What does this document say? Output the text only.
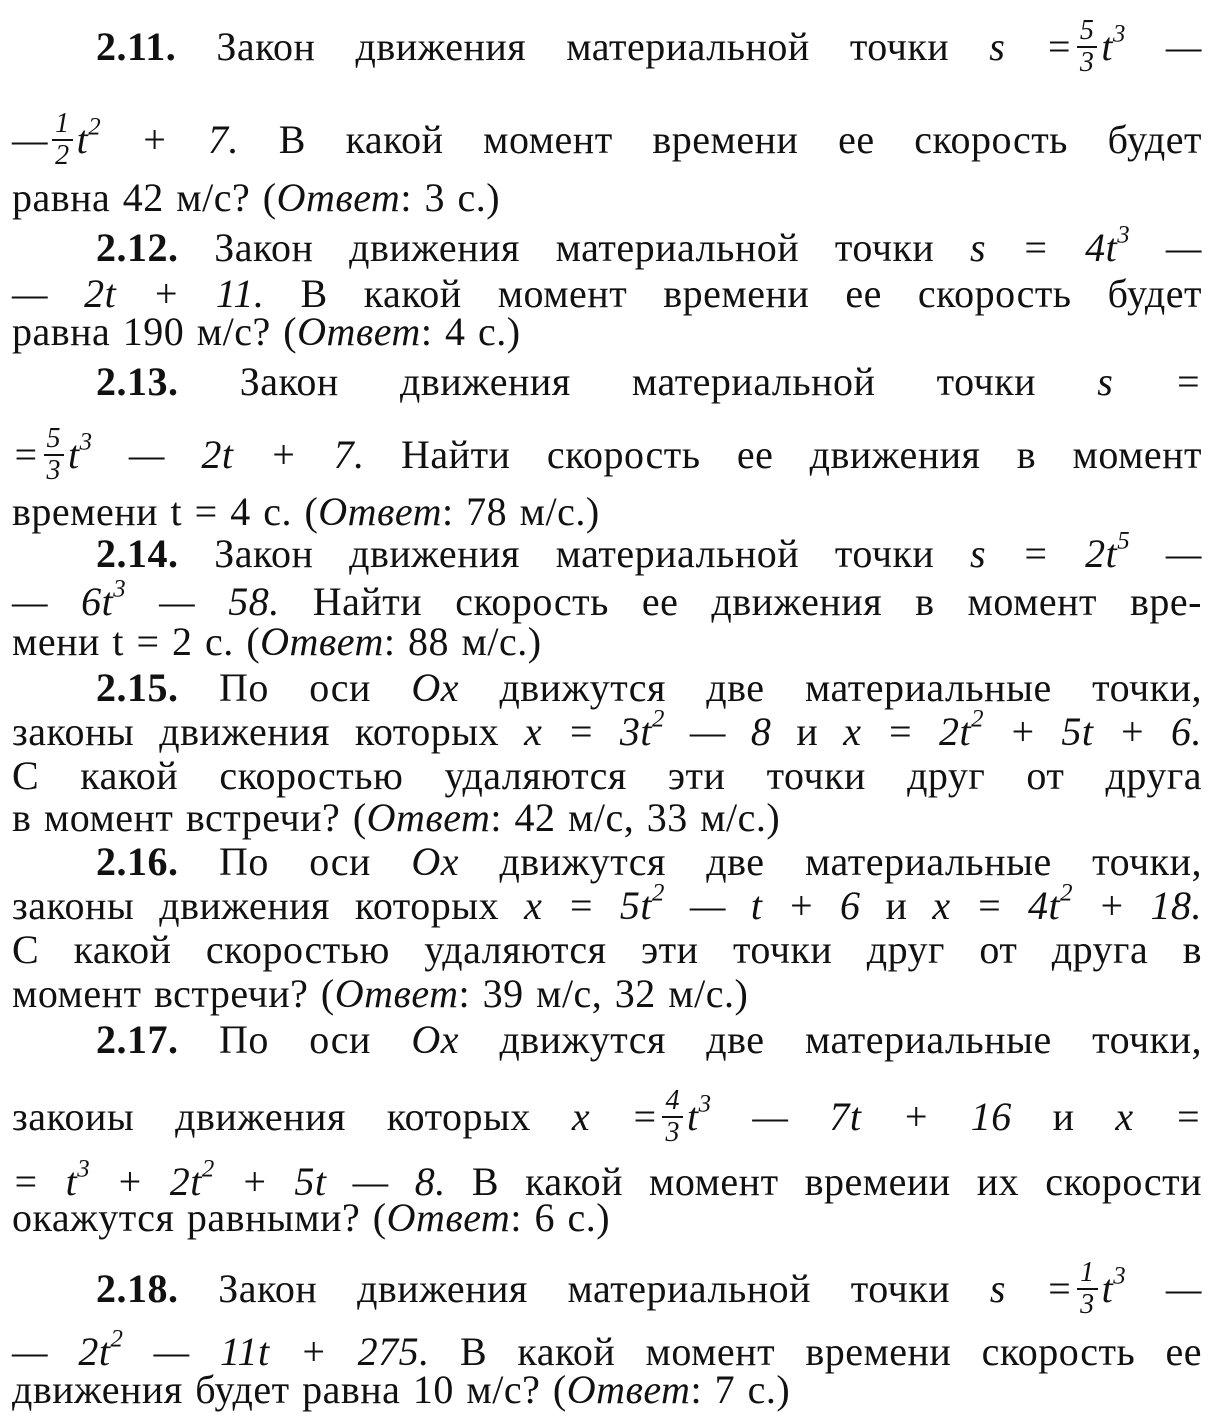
2.11. Закон движения материальной точки $s = \frac{5}{3} t^3$ —
— $\frac{1}{2} t^2 + 7$. В какой момент времени ее скорость будет
равна 42 м/с? (Ответ: 3 с.)
2.12. Закон движения материальной точки $s = 4t^3$ —
— 2t + 11. В какой момент времени ее скорость будет
равна 190 м/с? (Ответ: 4 с.)
2.13. Закон движения материальной точки s =
= $\frac{5}{3} t^3$ — 2t + 7. Найти скорость ее движения в момент
времени t = 4 с. (Ответ: 78 м/с.)
2.14. Закон движения материальной точки $s = 2t^5$ —
— $6t^3$ — 58. Найти скорость ее движения в момент вре-
мени t = 2 с. (Ответ: 88 м/с.)
2.15. По оси Ox движутся две материальные точки,
законы движения которых $x = 3t^2$ — 8 и $x = 2t^2 + 5t + 6$.
С какой скоростью удаляются эти точки друг от друга
в момент встречи? (Ответ: 42 м/с, 33 м/с.)
2.16. По оси Ox движутся две материальные точки,
законы движения которых $x = 5t^2$ — t + 6 и $x = 4t^2 + 18$.
С какой скоростью удаляются эти точки друг от друга в
момент встречи? (Ответ: 39 м/с, 32 м/с.)
2.17. По оси Ox движутся две материальные точки,
закоиы движения которых $x = \frac{4}{3} t^3$ — 7t + 16 и x =
= $t^3 + 2t^2 + 5t$ — 8. В какой момент времеии их скорости
окажутся равными? (Ответ: 6 с.)
2.18. Закон движения материальной точки $s = \frac{1}{3} t^3$ —
— $2t^2$ — 11t + 275. В какой момент времени скорость ее
движения будет равна 10 м/с? (Ответ: 7 с.)
